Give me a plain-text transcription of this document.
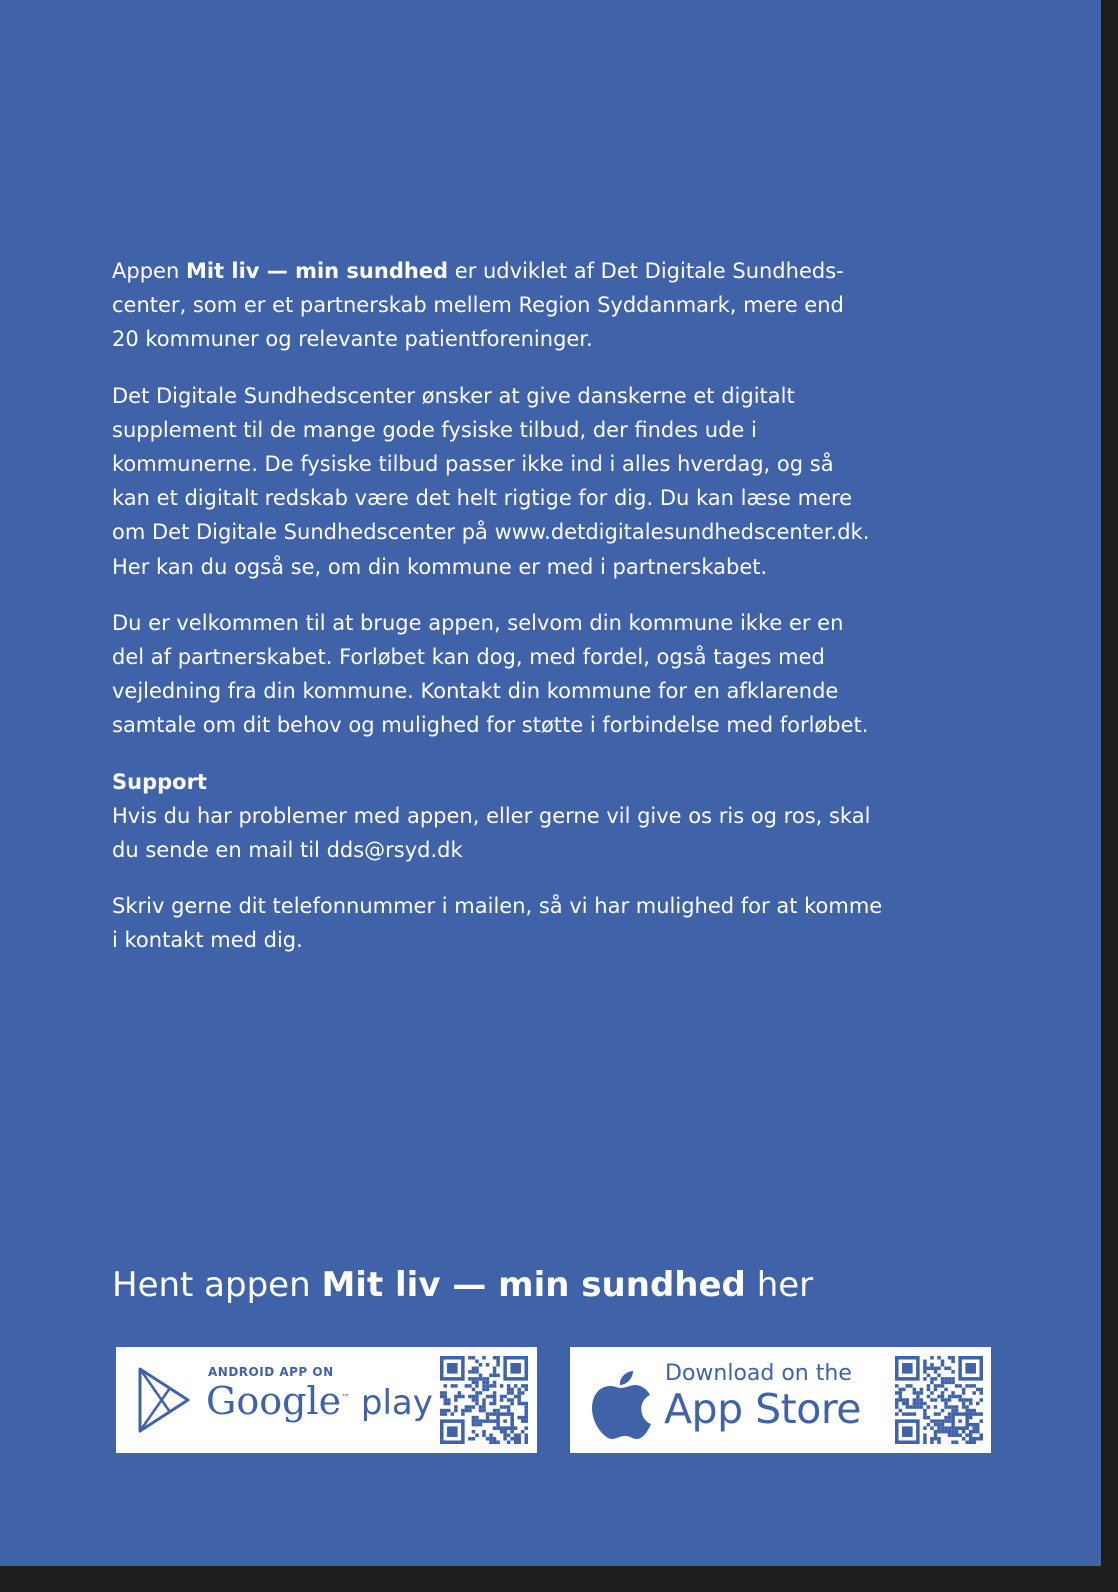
Appen Mit liv — min sundhed er udviklet af Det Digitale Sundheds-
center, som er et partnerskab mellem Region Syddanmark, mere end
20 kommuner og relevante patientforeninger.

Det Digitale Sundhedscenter ønsker at give danskerne et digitalt
supplement til de mange gode fysiske tilbud, der findes ude i
kommunerne. De fysiske tilbud passer ikke ind i alles hverdag, og så
kan et digitalt redskab være det helt rigtige for dig. Du kan læse mere
om Det Digitale Sundhedscenter på www.detdigitalesundhedscenter.dk.
Her kan du også se, om din kommune er med i partnerskabet.

Du er velkommen til at bruge appen, selvom din kommune ikke er en
del af partnerskabet. Forløbet kan dog, med fordel, også tages med
vejledning fra din kommune. Kontakt din kommune for en afklarende
samtale om dit behov og mulighed for støtte i forbindelse med forløbet.

Support
Hvis du har problemer med appen, eller gerne vil give os ris og ros, skal
du sende en mail til dds@rsyd.dk

Skriv gerne dit telefonnummer i mailen, så vi har mulighed for at komme
i kontakt med dig.

Hent appen Mit liv — min sundhed her
ANDROID APP ON
Google™ play
Download on the
App Store
